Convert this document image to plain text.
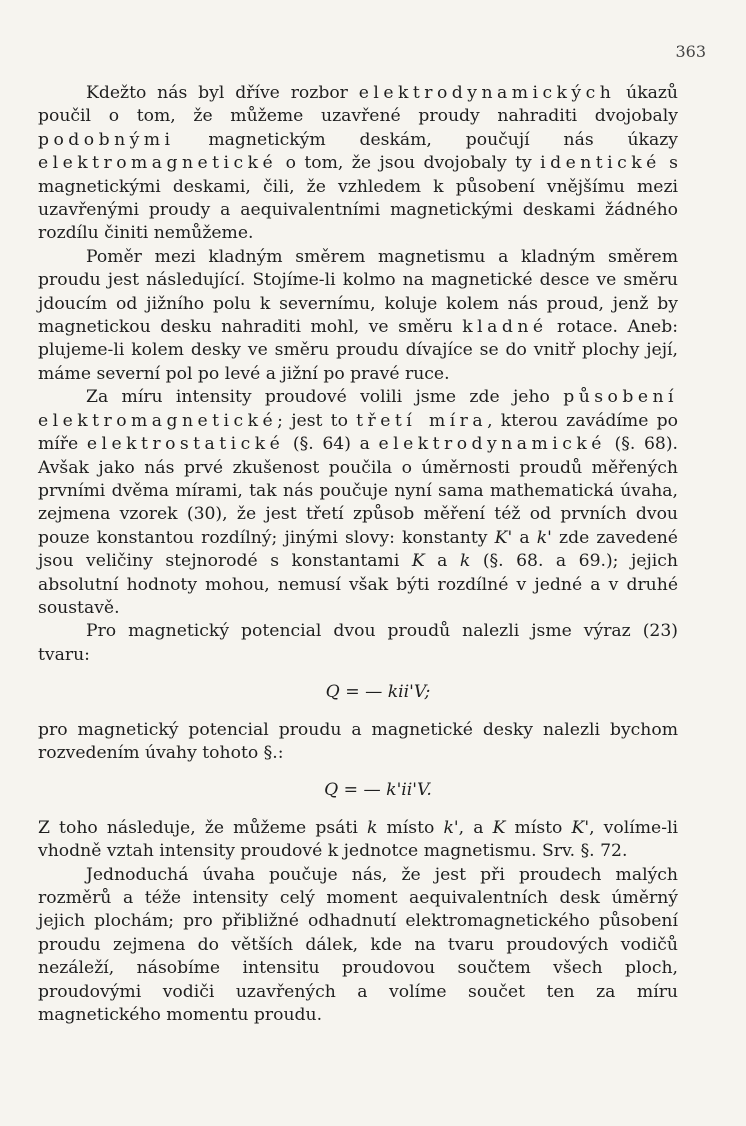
363

Kdežto nás byl dříve rozbor elektrodynamických úkazů poučil o tom, že můžeme uzavřené proudy nahraditi dvojobaly podobnými magnetickým deskám, poučují nás úkazy elektromagnetické o tom, že jsou dvojobaly ty identické s magnetickými deskami, čili, že vzhledem k působení vnějšímu mezi uzavřenými proudy a aequivalentními magnetickými deskami žádného rozdílu činiti nemůžeme.

Poměr mezi kladným směrem magnetismu a kladným směrem proudu jest následující. Stojíme-li kolmo na magnetické desce ve směru jdoucím od jižního polu k severnímu, koluje kolem nás proud, jenž by magnetickou desku nahraditi mohl, ve směru kladné rotace. Aneb: plujeme-li kolem desky ve směru proudu dívajíce se do vnitř plochy její, máme severní pol po levé a jižní po pravé ruce.

Za míru intensity proudové volili jsme zde jeho působení elektromagnetické; jest to třetí míra, kterou zavádíme po míře elektrostatické (§. 64) a elektrodynamické (§. 68). Avšak jako nás prvé zkušenost poučila o úměrnosti proudů měřených prvními dvěma mírami, tak nás poučuje nyní sama mathematická úvaha, zejmena vzorek (30), že jest třetí způsob měření též od prvních dvou pouze konstantou rozdílný; jinými slovy: konstanty K' a k' zde zavedené jsou veličiny stejnorodé s konstantami K a k (§. 68. a 69.); jejich absolutní hodnoty mohou, nemusí však býti rozdílné v jedné a v druhé soustavě.

Pro magnetický potencial dvou proudů nalezli jsme výraz (23) tvaru:

Q = — kii'V;

pro magnetický potencial proudu a magnetické desky nalezli bychom rozvedením úvahy tohoto §.:

Q = — k'ii'V.

Z toho následuje, že můžeme psáti k místo k', a K místo K', volíme-li vhodně vztah intensity proudové k jednotce magnetismu. Srv. §. 72.

Jednoduchá úvaha poučuje nás, že jest při proudech malých rozměrů a téže intensity celý moment aequivalentních desk úměrný jejich plochám; pro přibližné odhadnutí elektromagnetického působení proudu zejmena do větších dálek, kde na tvaru proudových vodičů nezáleží, násobíme intensitu proudovou součtem všech ploch, proudovými vodiči uzavřených a volíme součet ten za míru magnetického momentu proudu.
